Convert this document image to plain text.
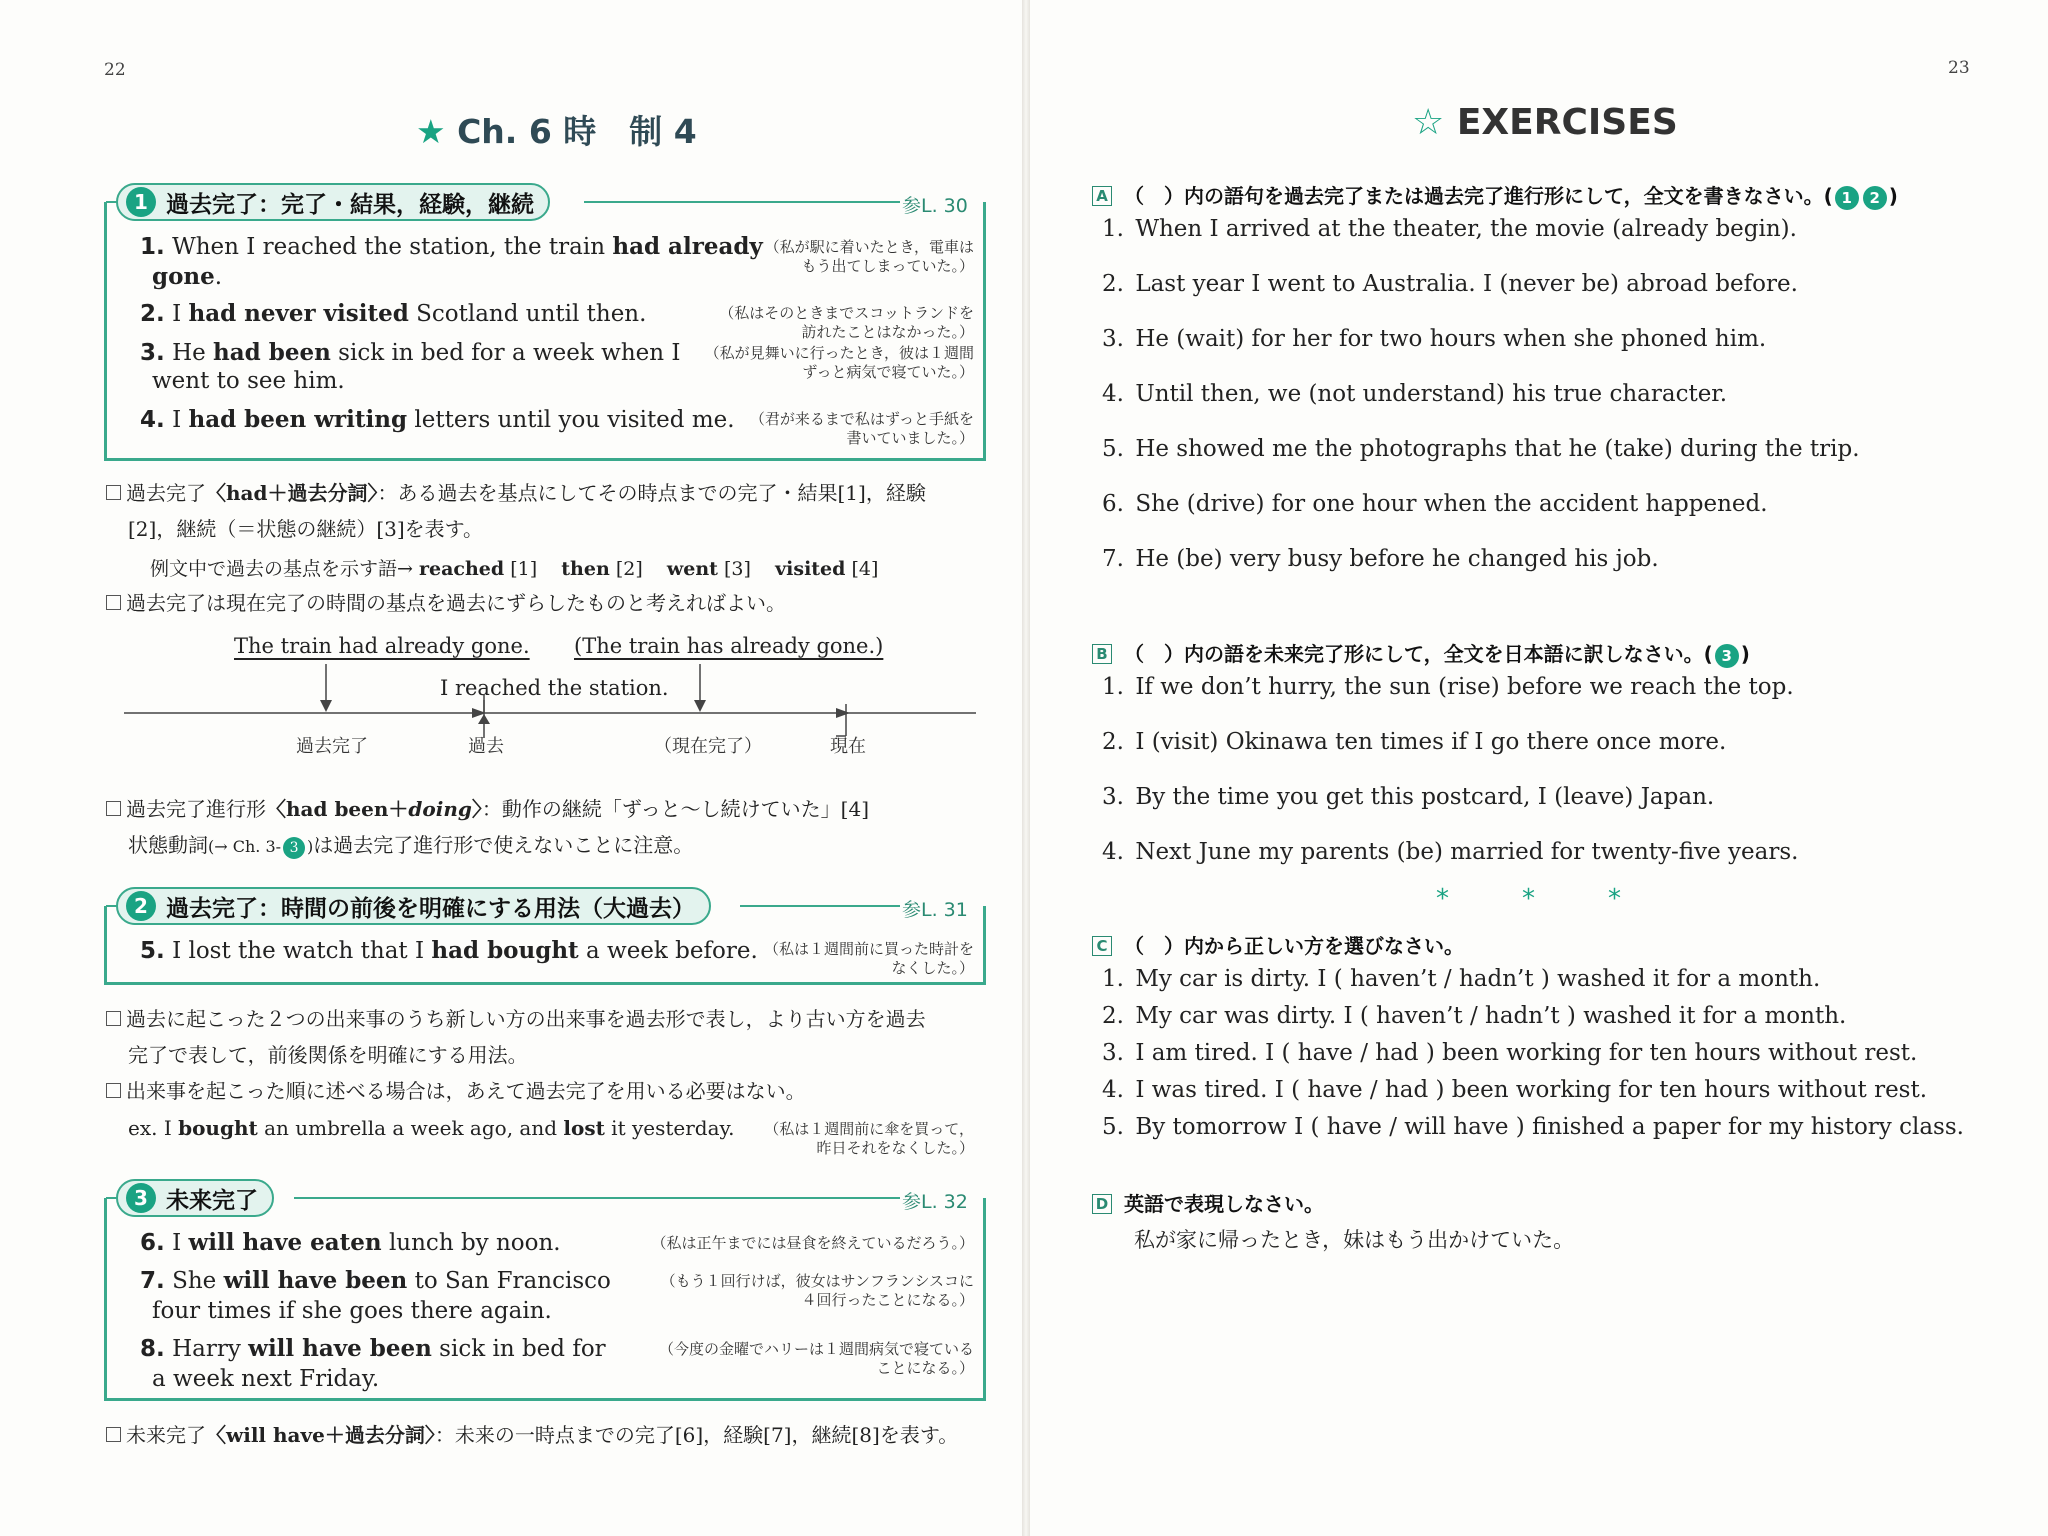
22
★ Ch. 6 時　制 4
1 過去完了：完了・結果，経験，継続	参L. 30
1. When I reached the station, the train had already
gone.
（私が駅に着いたとき，電車は
もう出てしまっていた。）
2. I had never visited Scotland until then.	（私はそのときまでスコットランドを
訪れたことはなかった。）
3. He had been sick in bed for a week when I
went to see him.
（私が見舞いに行ったとき，彼は１週間
ずっと病気で寝ていた。）
4. I had been writing letters until you visited me. （君が来るまで私はずっと手紙を
書いていました。）
過去完了〈had＋過去分詞〉：ある過去を基点にしてその時点までの完了・結果[1]，経験
[2]，継続（＝状態の継続）[3]を表す。
例文中で過去の基点を示す語→ reached [1] then [2] went [3] visited [4]
過去完了は現在完了の時間の基点を過去にずらしたものと考えればよい。
The train had already gone. (The train has already gone.)
I reached the station.
過去完了	過去	（現在完了）	現在
過去完了進行形〈had been＋doing〉：動作の継続「ずっと～し続けていた」[4]
状態動詞(→ Ch. 3- 3 )は過去完了進行形で使えないことに注意。
2 過去完了：時間の前後を明確にする用法（大過去）	参L. 31
5. I lost the watch that I had bought a week before. （私は１週間前に買った時計を
なくした。）
過去に起こった２つの出来事のうち新しい方の出来事を過去形で表し，より古い方を過去
完了で表して，前後関係を明確にする用法。
出来事を起こった順に述べる場合は，あえて過去完了を用いる必要はない。
ex. I bought an umbrella a week ago, and lost it yesterday. （私は１週間前に傘を買って，
昨日それをなくした。）
3 未来完了	参L. 32
6. I will have eaten lunch by noon.	（私は正午までには昼食を終えているだろう。）
7. She will have been to San Francisco
four times if she goes there again.
（もう１回行けば，彼女はサンフランシスコに
４回行ったことになる。）
8. Harry will have been sick in bed for
a week next Friday.
（今度の金曜でハリーは１週間病気で寝ている
ことになる。）
未来完了〈will have＋過去分詞〉：未来の一時点までの完了[6]，経験[7]，継続[8]を表す。
23
☆ EXERCISES
A （　）内の語句を過去完了または過去完了進行形にして，全文を書きなさい。( 1 2 )
1. When I arrived at the theater, the movie (already begin).
2. Last year I went to Australia. I (never be) abroad before.
3. He (wait) for her for two hours when she phoned him.
4. Until then, we (not understand) his true character.
5. He showed me the photographs that he (take) during the trip.
6. She (drive) for one hour when the accident happened.
7. He (be) very busy before he changed his job.
B （　）内の語を未来完了形にして，全文を日本語に訳しなさい。( 3 )
1. If we don’t hurry, the sun (rise) before we reach the top.
2. I (visit) Okinawa ten times if I go there once more.
3. By the time you get this postcard, I (leave) Japan.
4. Next June my parents (be) married for twenty-five years.
*	*	*
C （　）内から正しい方を選びなさい。
1. My car is dirty. I ( haven’t / hadn’t ) washed it for a month.
2. My car was dirty. I ( haven’t / hadn’t ) washed it for a month.
3. I am tired. I ( have / had ) been working for ten hours without rest.
4. I was tired. I ( have / had ) been working for ten hours without rest.
5. By tomorrow I ( have / will have ) finished a paper for my history class.
D 英語で表現しなさい。
私が家に帰ったとき，妹はもう出かけていた。
